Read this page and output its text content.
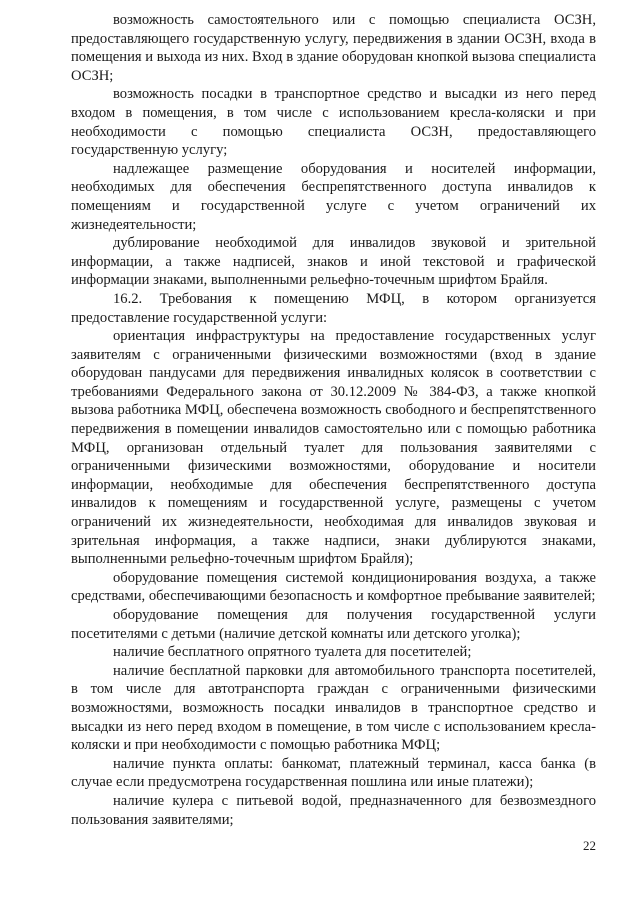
возможность самостоятельного или с помощью специалиста ОСЗН, предоставляющего государственную услугу, передвижения в здании ОСЗН, входа в помещения и выхода из них. Вход в здание оборудован кнопкой вызова специалиста ОСЗН;

возможность посадки в транспортное средство и высадки из него перед входом в помещения, в том числе с использованием кресла-коляски и при необходимости с помощью специалиста ОСЗН, предоставляющего государственную услугу;

надлежащее размещение оборудования и носителей информации, необходимых для обеспечения беспрепятственного доступа инвалидов к помещениям и государственной услуге с учетом ограничений их жизнедеятельности;

дублирование необходимой для инвалидов звуковой и зрительной информации, а также надписей, знаков и иной текстовой и графической информации знаками, выполненными рельефно-точечным шрифтом Брайля.

16.2. Требования к помещению МФЦ, в котором организуется предоставление государственной услуги:

ориентация инфраструктуры на предоставление государственных услуг заявителям с ограниченными физическими возможностями (вход в здание оборудован пандусами для передвижения инвалидных колясок в соответствии с требованиями Федерального закона от 30.12.2009 № 384-ФЗ, а также кнопкой вызова работника МФЦ, обеспечена возможность свободного и беспрепятственного передвижения в помещении инвалидов самостоятельно или с помощью работника МФЦ, организован отдельный туалет для пользования заявителями с ограниченными физическими возможностями, оборудование и носители информации, необходимые для обеспечения беспрепятственного доступа инвалидов к помещениям и государственной услуге, размещены с учетом ограничений их жизнедеятельности, необходимая для инвалидов звуковая и зрительная информация, а также надписи, знаки дублируются знаками, выполненными рельефно-точечным шрифтом Брайля);

оборудование помещения системой кондиционирования воздуха, а также средствами, обеспечивающими безопасность и комфортное пребывание заявителей;

оборудование помещения для получения государственной услуги посетителями с детьми (наличие детской комнаты или детского уголка);

наличие бесплатного опрятного туалета для посетителей;

наличие бесплатной парковки для автомобильного транспорта посетителей, в том числе для автотранспорта граждан с ограниченными физическими возможностями, возможность посадки инвалидов в транспортное средство и высадки из него перед входом в помещение, в том числе с использованием кресла-коляски и при необходимости с помощью работника МФЦ;

наличие пункта оплаты: банкомат, платежный терминал, касса банка (в случае если предусмотрена государственная пошлина или иные платежи);

наличие кулера с питьевой водой, предназначенного для безвозмездного пользования заявителями;

22
